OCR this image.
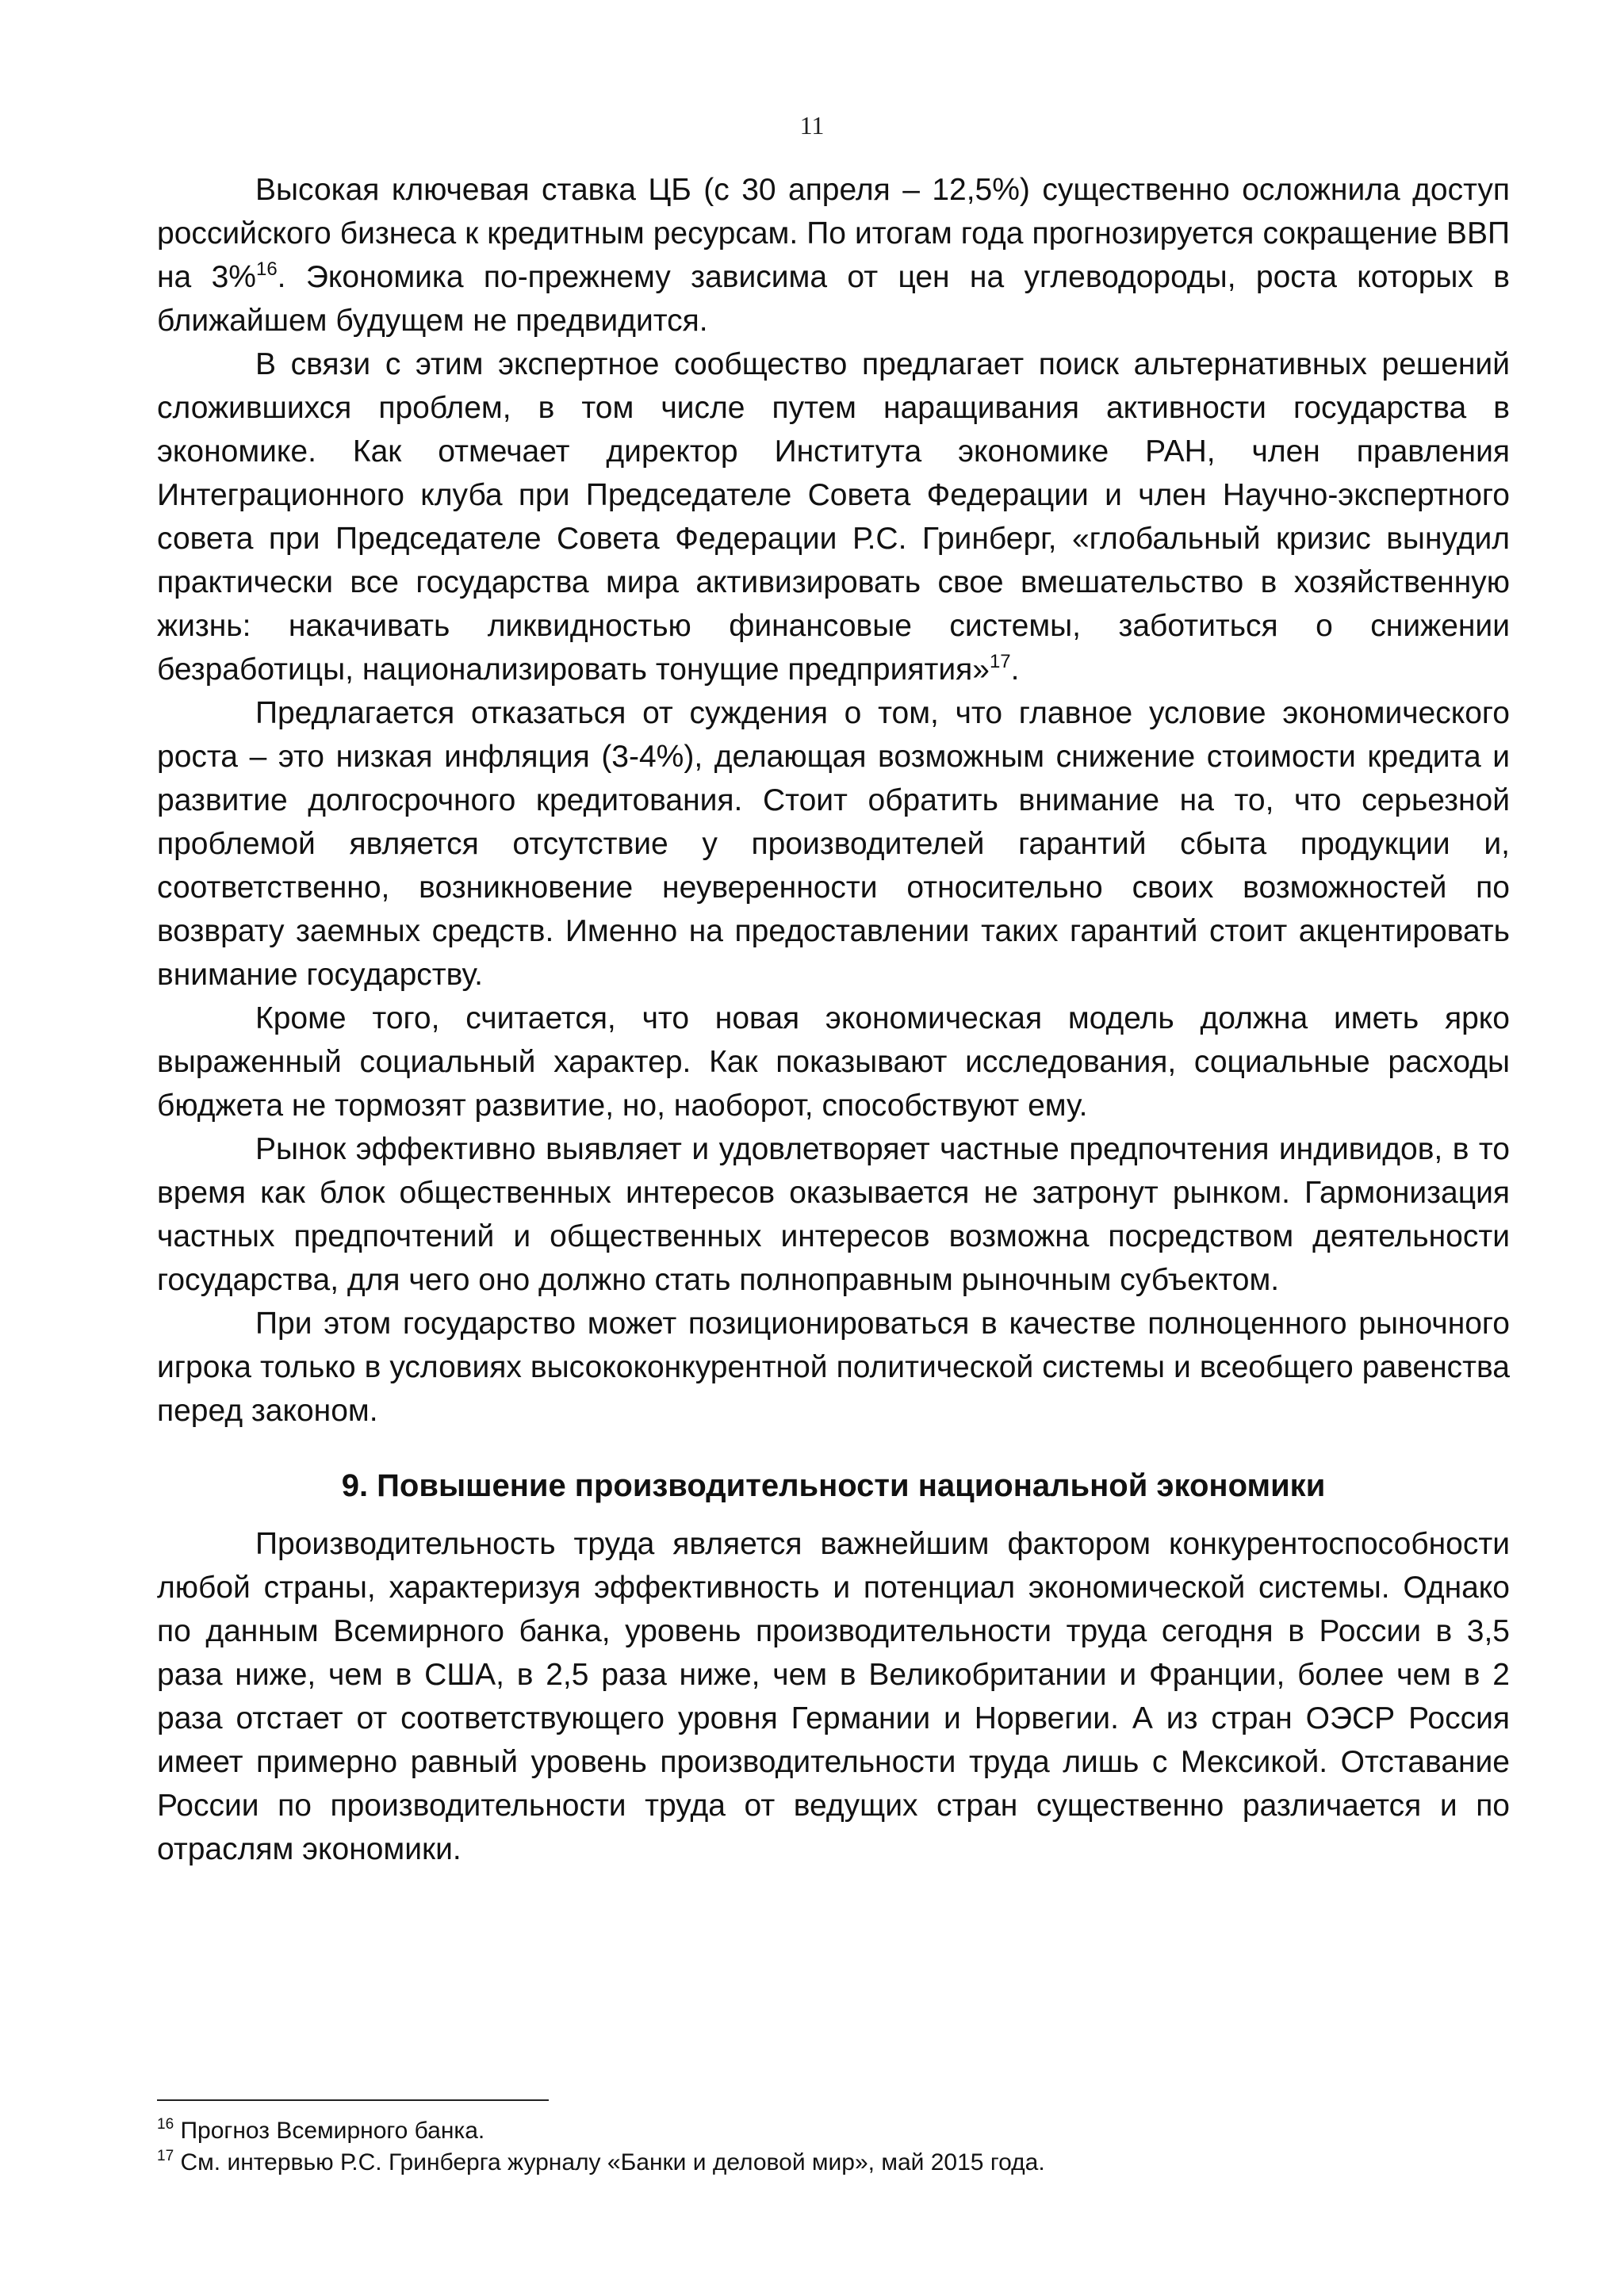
11

Высокая ключевая ставка ЦБ (с 30 апреля – 12,5%) существенно осложнила доступ российского бизнеса к кредитным ресурсам. По итогам года прогнозируется сокращение ВВП на 3%$^{16}$. Экономика по-прежнему зависима от цен на углеводороды, роста которых в ближайшем будущем не предвидится.

В связи с этим экспертное сообщество предлагает поиск альтернативных решений сложившихся проблем, в том числе путем наращивания активности государства в экономике. Как отмечает директор Института экономике РАН, член правления Интеграционного клуба при Председателе Совета Федерации и член Научно-экспертного совета при Председателе Совета Федерации Р.С. Гринберг, «глобальный кризис вынудил практически все государства мира активизировать свое вмешательство в хозяйственную жизнь: накачивать ликвидностью финансовые системы, заботиться о снижении безработицы, национализировать тонущие предприятия»$^{17}$.

Предлагается отказаться от суждения о том, что главное условие экономического роста – это низкая инфляция (3-4%), делающая возможным снижение стоимости кредита и развитие долгосрочного кредитования. Стоит обратить внимание на то, что серьезной проблемой является отсутствие у производителей гарантий сбыта продукции и, соответственно, возникновение неуверенности относительно своих возможностей по возврату заемных средств. Именно на предоставлении таких гарантий стоит акцентировать внимание государству.

Кроме того, считается, что новая экономическая модель должна иметь ярко выраженный социальный характер. Как показывают исследования, социальные расходы бюджета не тормозят развитие, но, наоборот, способствуют ему.

Рынок эффективно выявляет и удовлетворяет частные предпочтения индивидов, в то время как блок общественных интересов оказывается не затронут рынком. Гармонизация частных предпочтений и общественных интересов возможна посредством деятельности государства, для чего оно должно стать полноправным рыночным субъектом.

При этом государство может позиционироваться в качестве полноценного рыночного игрока только в условиях высококонкурентной политической системы и всеобщего равенства перед законом.

9. Повышение производительности национальной экономики

Производительность труда является важнейшим фактором конкурентоспособности любой страны, характеризуя эффективность и потенциал экономической системы. Однако по данным Всемирного банка, уровень производительности труда сегодня в России в 3,5 раза ниже, чем в США, в 2,5 раза ниже, чем в Великобритании и Франции, более чем в 2 раза отстает от соответствующего уровня Германии и Норвегии. А из стран ОЭСР Россия имеет примерно равный уровень производительности труда лишь с Мексикой. Отставание России по производительности труда от ведущих стран существенно различается и по отраслям экономики.

$^{16}$ Прогноз Всемирного банка.

$^{17}$ См. интервью Р.С. Гринберга журналу «Банки и деловой мир», май 2015 года.
